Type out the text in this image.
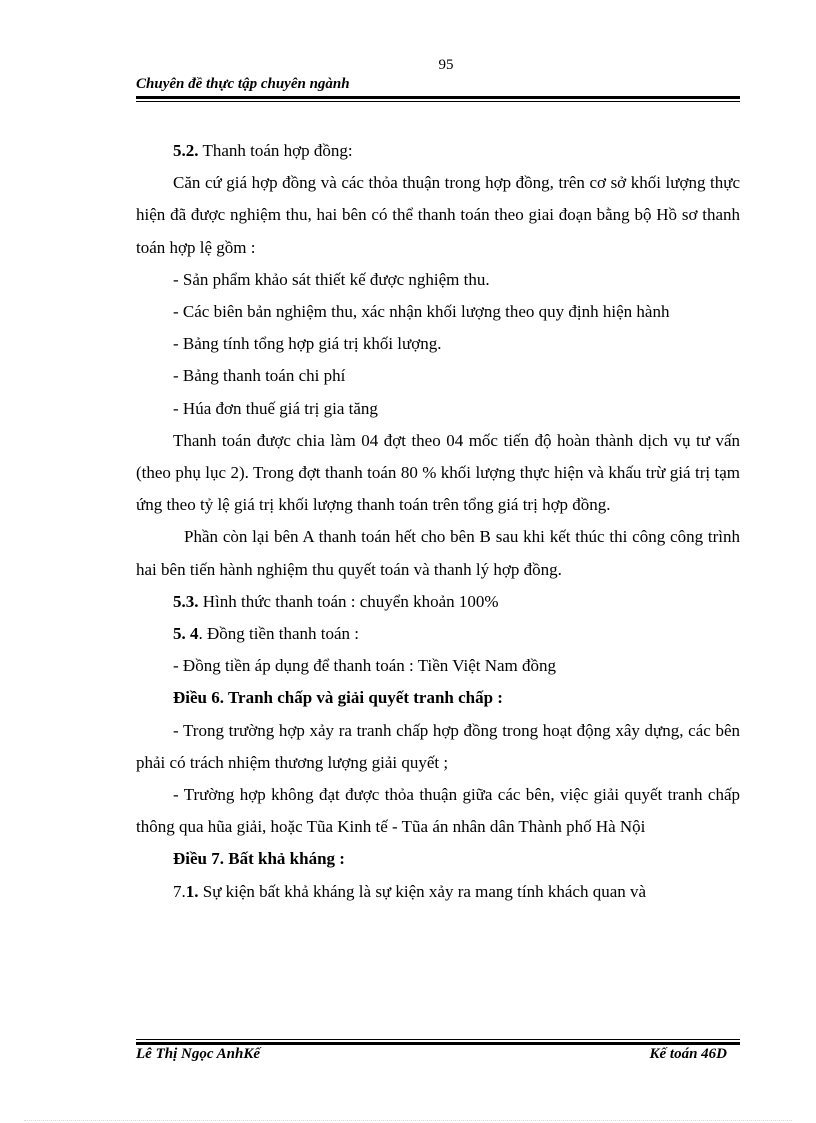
95
Chuyên đề thực tập chuyên ngành

5.2. Thanh toán hợp đồng:

Căn cứ giá hợp đồng và các thỏa thuận trong hợp đồng, trên cơ sở khối lượng thực hiện đã được nghiệm thu, hai bên có thể thanh toán theo giai đoạn bằng bộ Hồ sơ thanh toán hợp lệ gồm :

- Sản phẩm khảo sát thiết kế được nghiệm thu.

- Các biên bản nghiệm thu, xác nhận khối lượng theo quy định hiện hành

- Bảng tính tổng hợp giá trị khối lượng.

- Bảng thanh toán chi phí

- Húa đơn thuế giá trị gia tăng

Thanh toán được chia làm 04 đợt theo 04 mốc tiến độ hoàn thành dịch vụ tư vấn (theo phụ lục 2). Trong đợt thanh toán 80 % khối lượng thực hiện và khấu trừ giá trị tạm ứng theo tỷ lệ giá trị khối lượng thanh toán trên tổng giá trị hợp đồng.

Phần còn lại bên A thanh toán hết cho bên B sau khi kết thúc thi công công trình hai bên tiến hành nghiệm thu quyết toán và thanh lý hợp đồng.

5.3. Hình thức thanh toán : chuyển khoản 100%

5. 4. Đồng tiền thanh toán :

- Đồng tiền áp dụng để thanh toán : Tiền Việt Nam đồng

Điều 6. Tranh chấp và giải quyết tranh chấp :

- Trong trường hợp xảy ra tranh chấp hợp đồng trong hoạt động xây dựng, các bên phải có trách nhiệm thương lượng giải quyết ;

- Trường hợp không đạt được thỏa thuận giữa các bên, việc giải quyết tranh chấp thông qua hũa giải, hoặc Tũa Kinh tế - Tũa án nhân dân Thành phố Hà Nội

Điều 7. Bất khả kháng :

7.1. Sự kiện bất khả kháng là sự kiện xảy ra mang tính khách quan và

Lê Thị Ngọc AnhKế	Kế toán 46D
